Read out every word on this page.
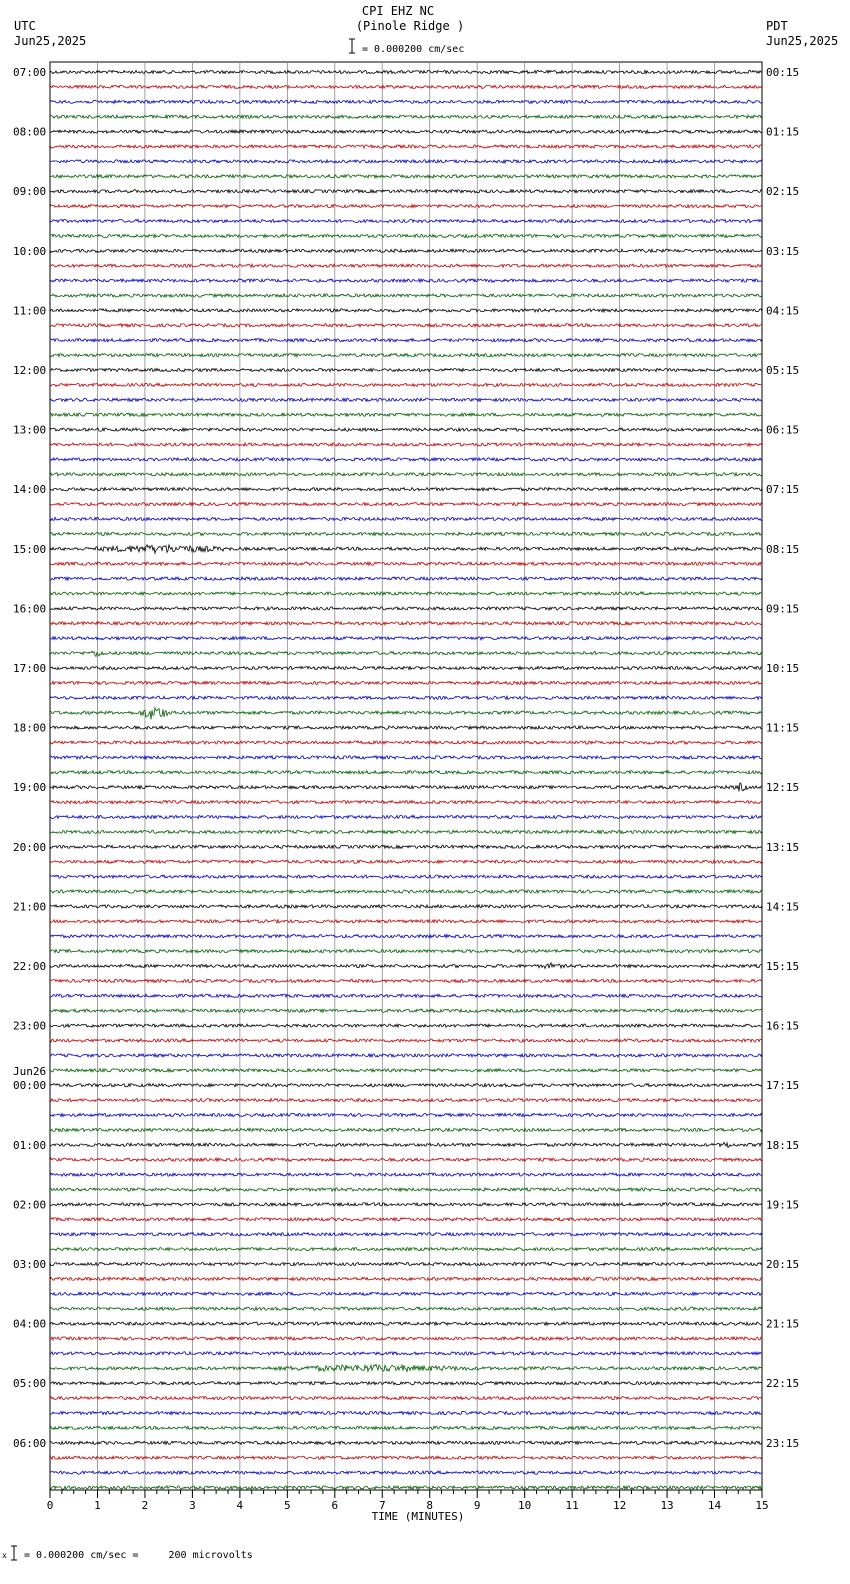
CPI EHZ NC
(Pinole Ridge )
UTC
Jun25,2025
PDT
Jun25,2025
= 0.000200 cm/sec
07:00
08:00
09:00
10:00
11:00
12:00
13:00
14:00
15:00
16:00
17:00
18:00
19:00
20:00
21:00
22:00
23:00
00:00
Jun26
01:00
02:00
03:00
04:00
05:00
06:00
00:15
01:15
02:15
03:15
04:15
05:15
06:15
07:15
08:15
09:15
10:15
11:15
12:15
13:15
14:15
15:15
16:15
17:15
18:15
19:15
20:15
21:15
22:15
23:15
0	1	2	3	4	5	6	7	8	9	10	11	12	13	14	15
TIME (MINUTES)
x = 0.000200 cm/sec =     200 microvolts
